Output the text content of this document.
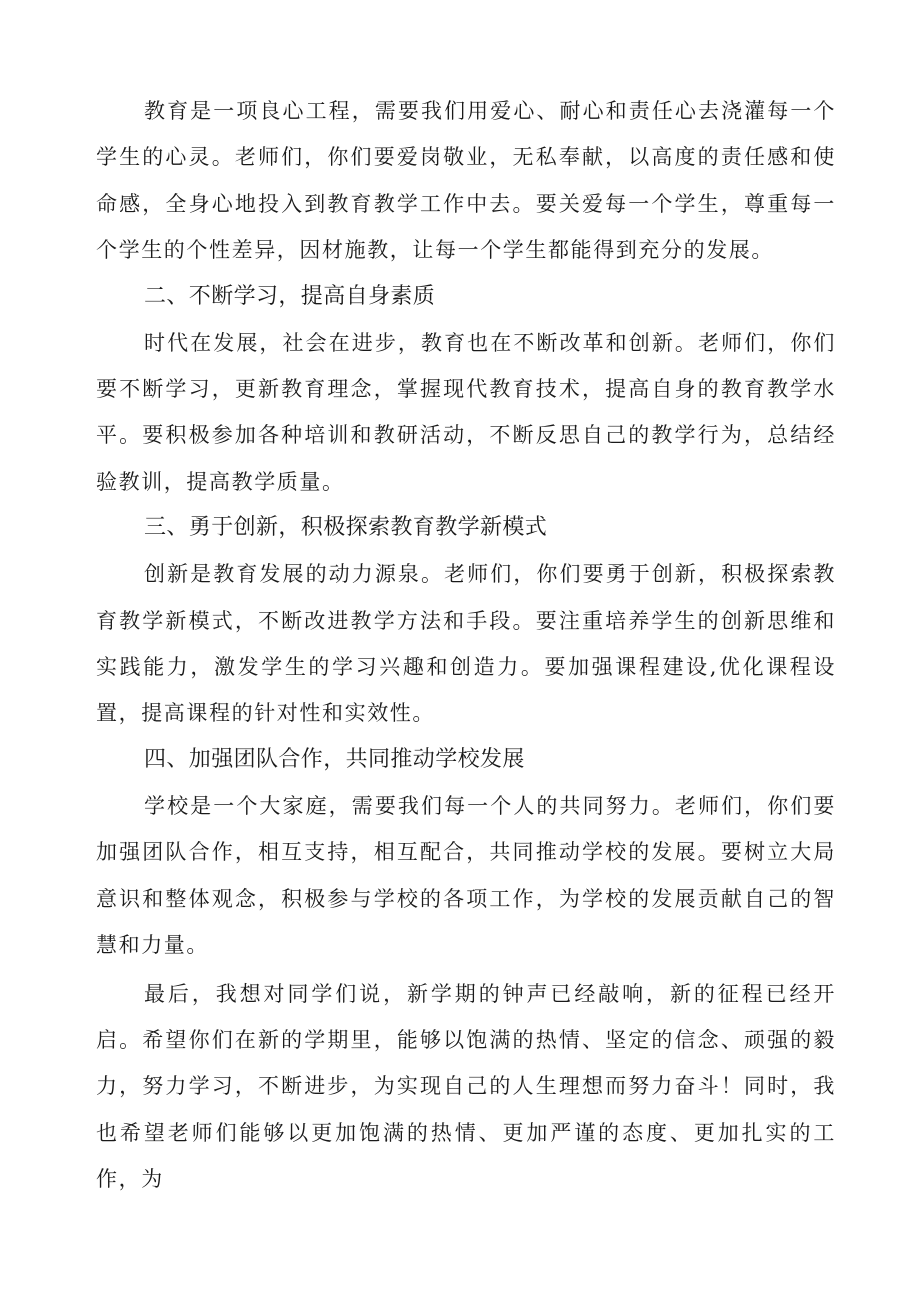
教育是一项良心工程，需要我们用爱心、耐心和责任心去浇灌每一个学生的心灵。老师们，你们要爱岗敬业，无私奉献，以高度的责任感和使命感，全身心地投入到教育教学工作中去。要关爱每一个学生，尊重每一个学生的个性差异，因材施教，让每一个学生都能得到充分的发展。

二、不断学习，提高自身素质

时代在发展，社会在进步，教育也在不断改革和创新。老师们，你们要不断学习，更新教育理念，掌握现代教育技术，提高自身的教育教学水平。要积极参加各种培训和教研活动，不断反思自己的教学行为，总结经验教训，提高教学质量。

三、勇于创新，积极探索教育教学新模式

创新是教育发展的动力源泉。老师们，你们要勇于创新，积极探索教育教学新模式，不断改进教学方法和手段。要注重培养学生的创新思维和实践能力，激发学生的学习兴趣和创造力。要加强课程建设,优化课程设置，提高课程的针对性和实效性。

四、加强团队合作，共同推动学校发展

学校是一个大家庭，需要我们每一个人的共同努力。老师们，你们要加强团队合作，相互支持，相互配合，共同推动学校的发展。要树立大局意识和整体观念，积极参与学校的各项工作，为学校的发展贡献自己的智慧和力量。

最后，我想对同学们说，新学期的钟声已经敲响，新的征程已经开启。希望你们在新的学期里，能够以饱满的热情、坚定的信念、顽强的毅力，努力学习，不断进步，为实现自己的人生理想而努力奋斗！同时，我也希望老师们能够以更加饱满的热情、更加严谨的态度、更加扎实的工作，为
